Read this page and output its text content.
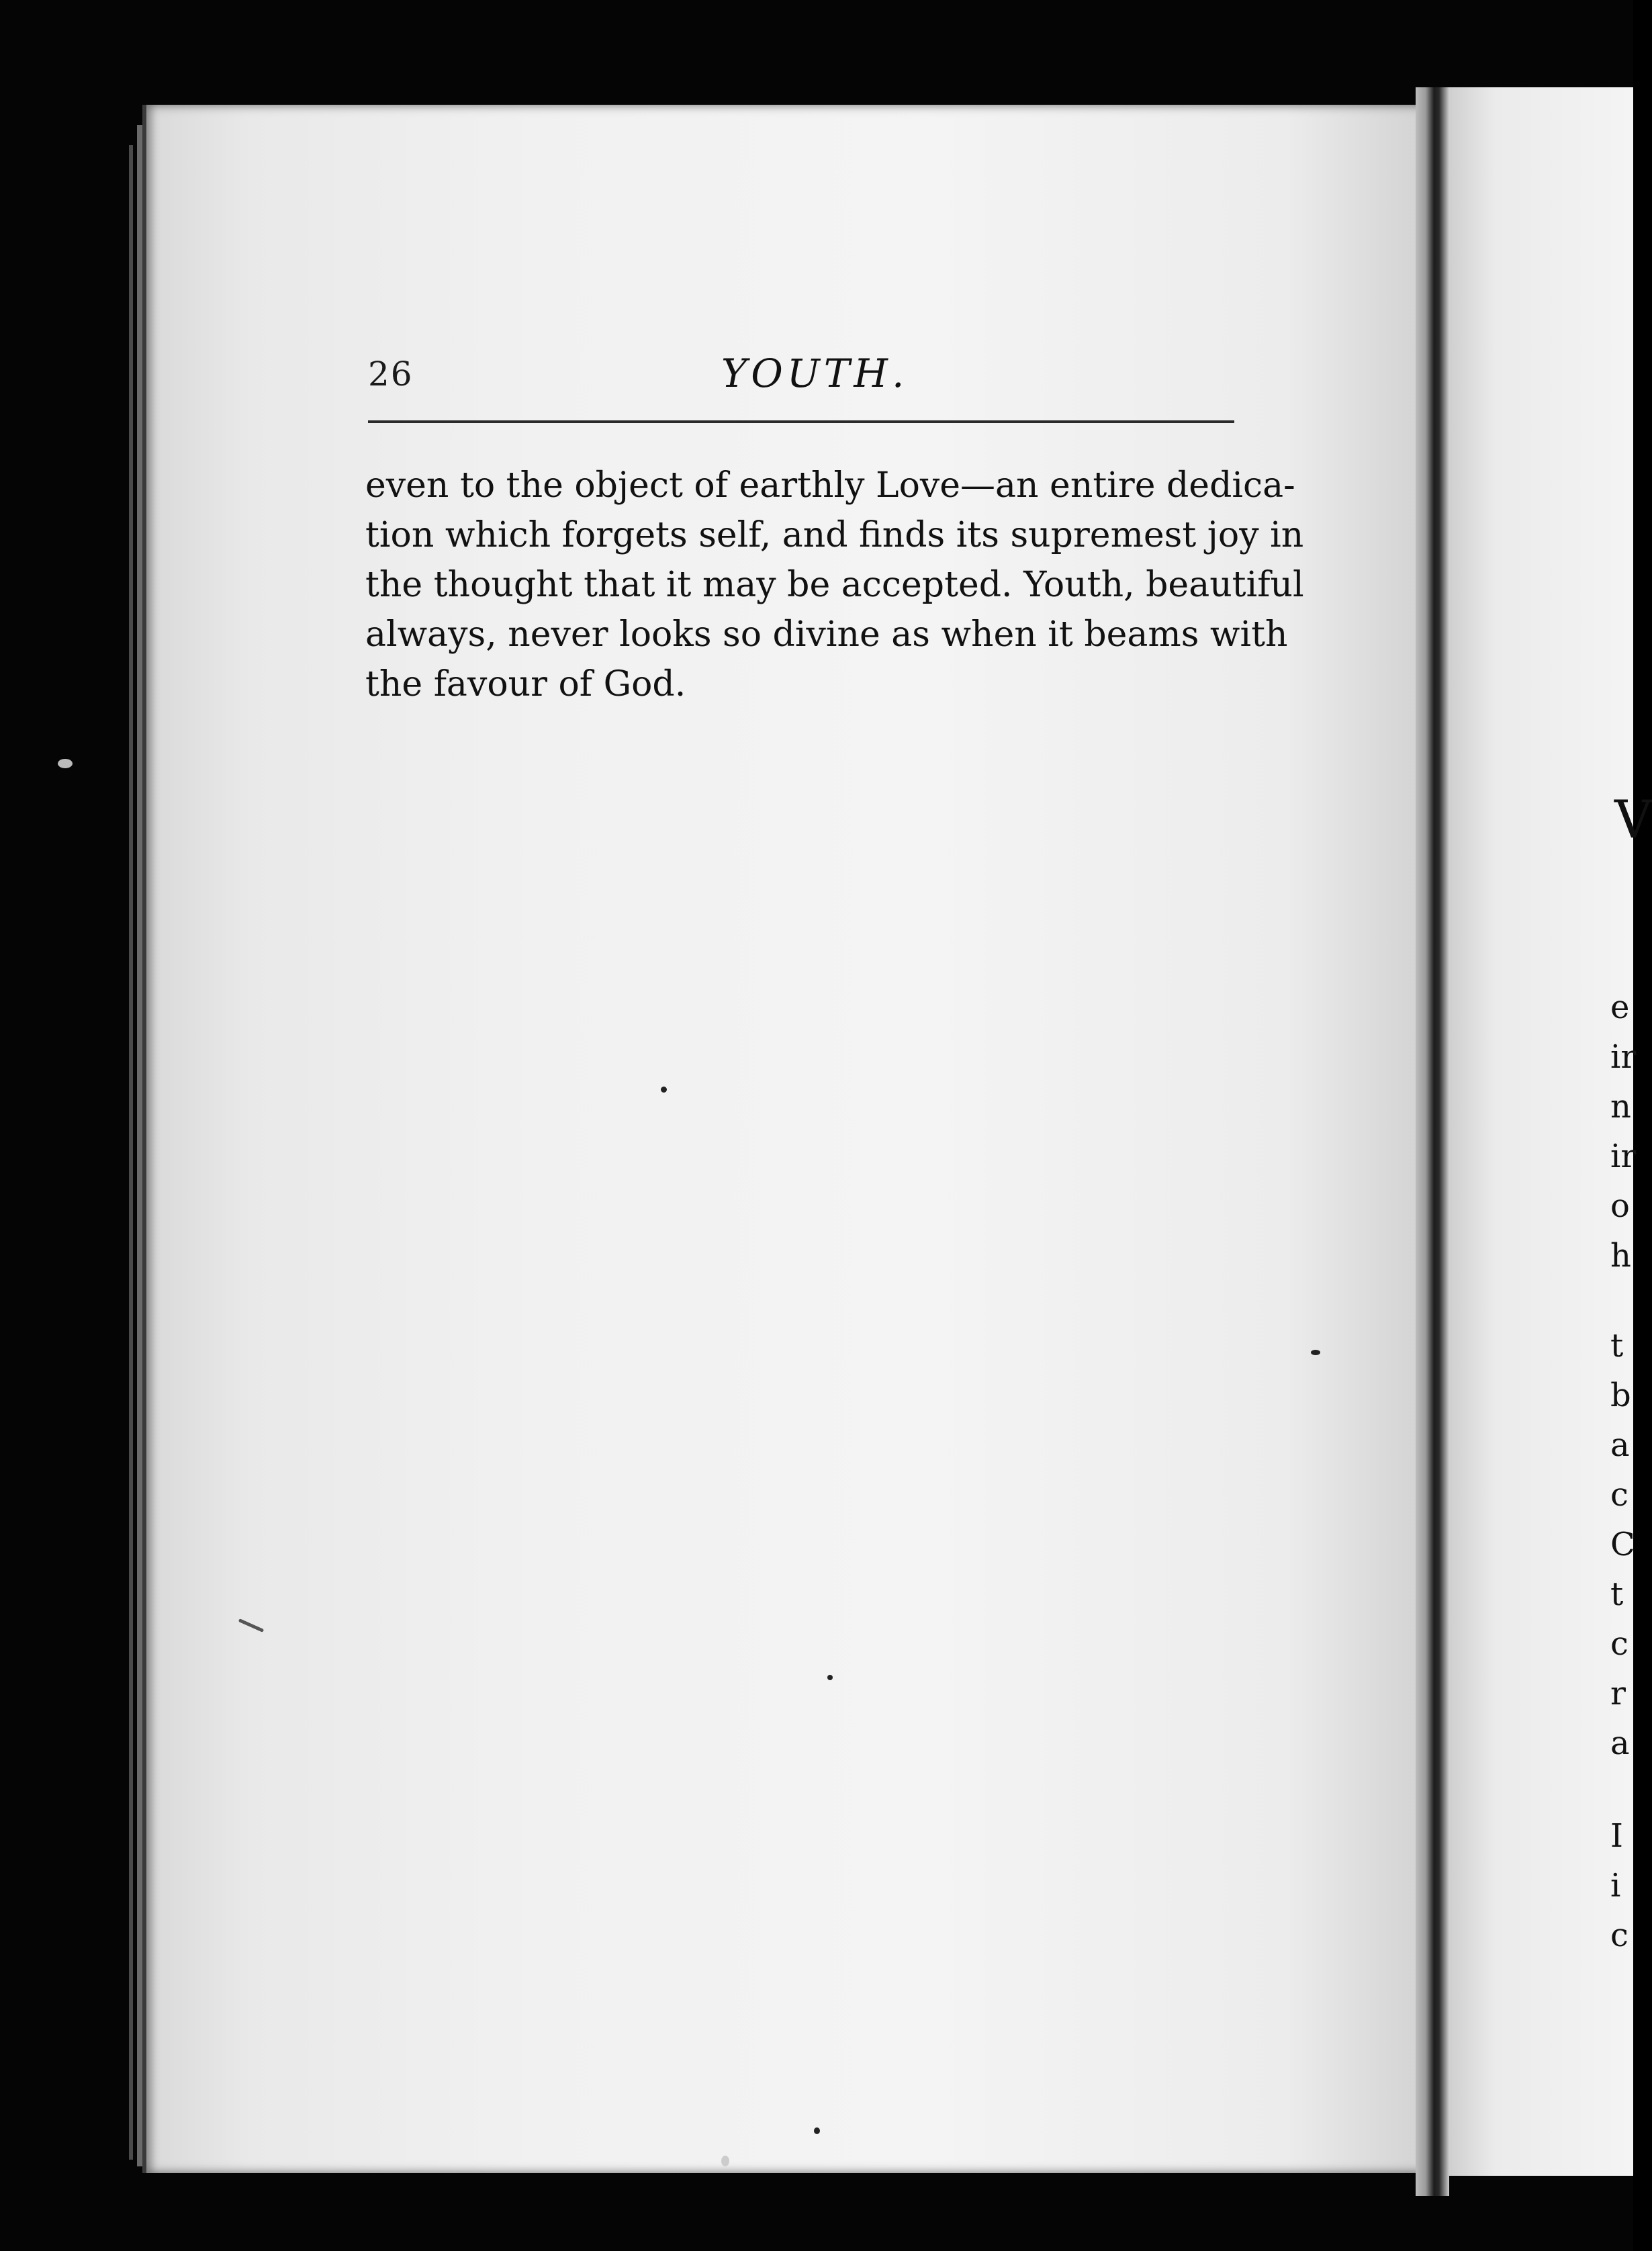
V
e
ir
n
ir
o
h
t
b
a
c
C
t
c
r
a
I
i
c
26	YOUTH.
even to the object of earthly Love—an entire dedica-
tion which forgets self, and finds its supremest joy in
the thought that it may be accepted. Youth, beautiful
always, never looks so divine as when it beams with
the favour of God.
